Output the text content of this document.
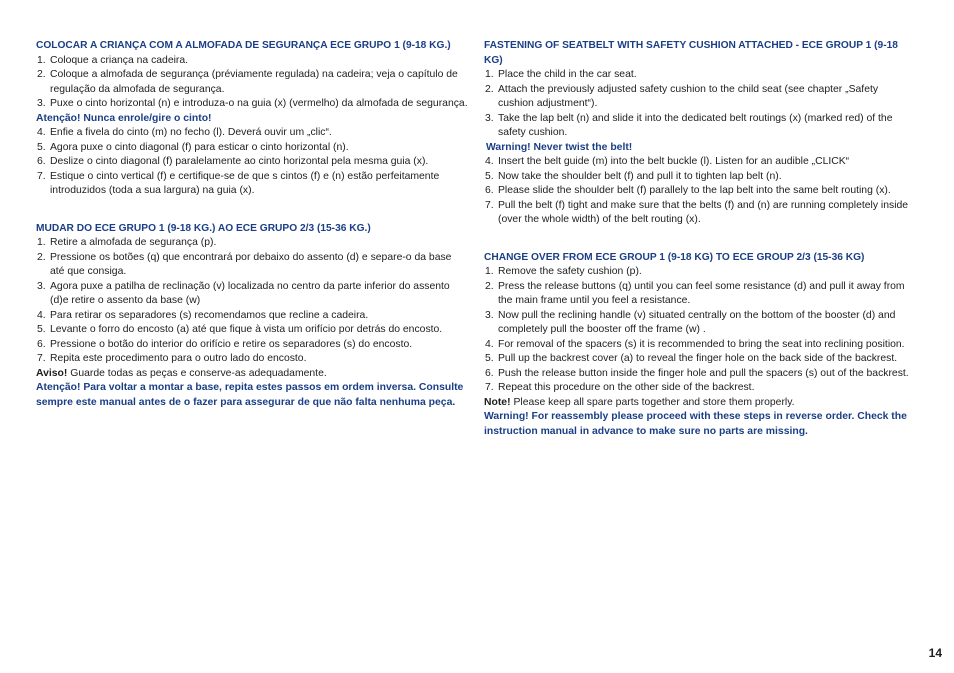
COLOCAR A CRIANÇA COM A ALMOFADA DE SEGURANÇA ECE GRUPO 1 (9-18 KG.)
1. Coloque a criança na cadeira.
2. Coloque a almofada de segurança (préviamente regulada) na cadeira; veja o capítulo de regulação da almofada de segurança.
3. Puxe o cinto horizontal (n) e introduza-o na guia (x) (vermelho) da almofada de segurança.
Atenção! Nunca enrole/gire o cinto!
4. Enfie a fivela do cinto (m) no fecho (l). Deverá ouvir um „clic“.
5. Agora puxe o cinto diagonal (f) para esticar o cinto horizontal (n).
6. Deslize o cinto diagonal (f) paralelamente ao cinto horizontal pela mesma guia (x).
7. Estique o cinto vertical (f) e certifique-se de que s cintos (f) e (n) estão perfeitamente introduzidos (toda a sua largura) na guia (x).
MUDAR DO ECE GRUPO 1 (9-18 KG.) AO ECE GRUPO 2/3 (15-36 KG.)
1. Retire a almofada de segurança (p).
2. Pressione os botões (q) que encontrará por debaixo do assento (d) e separe-o da base até que consiga.
3. Agora puxe a patilha de reclinação (v) localizada no centro da parte inferior do assento (d)e retire o assento da base (w)
4. Para retirar os separadores (s) recomendamos que recline a cadeira.
5. Levante o forro do encosto (a) até que fique à vista um orifício por detrás do encosto.
6. Pressione o botão do interior do orifício e retire os separadores (s) do encosto.
7. Repita este procedimento para o outro lado do encosto.
Aviso! Guarde todas as peças e conserve-as adequadamente.
Atenção! Para voltar a montar a base, repita estes passos em ordem inversa. Consulte sempre este manual antes de o fazer para assegurar de que não falta nenhuma peça.
FASTENING OF SEATBELT WITH SAFETY CUSHION ATTACHED - ECE GROUP 1 (9-18 KG)
1. Place the child in the car seat.
2. Attach the previously adjusted safety cushion to the child seat (see chapter „Safety cushion adjustment“).
3. Take the lap belt (n) and slide it into the dedicated belt routings (x) (marked red) of the safety cushion.
Warning! Never twist the belt!
4. Insert the belt guide (m) into the belt buckle (l). Listen for an audible „CLICK“
5. Now take the shoulder belt (f) and pull it to tighten lap belt (n).
6. Please slide the shoulder belt (f) parallely to the lap belt into the same belt routing (x).
7. Pull the belt (f) tight and make sure that the belts (f) and (n) are running completely inside (over the whole width) of the belt routing (x).
CHANGE OVER FROM ECE GROUP 1 (9-18 KG) TO ECE GROUP 2/3 (15-36 KG)
1. Remove the safety cushion (p).
2. Press the release buttons (q) until you can feel some resistance (d) and pull it away from the main frame until you feel a resistance.
3. Now pull the reclining handle (v) situated centrally on the bottom of the booster (d) and completely pull the booster off the frame (w) .
4. For removal of the spacers (s) it is recommended to bring the seat into reclining position.
5. Pull up the backrest cover (a) to reveal the finger hole on the back side of the backrest.
6. Push the release button inside the finger hole and pull the spacers (s) out of the backrest.
7. Repeat this procedure on the other side of the backrest.
Note! Please keep all spare parts together and store them properly.
Warning! For reassembly please proceed with these steps in reverse order. Check the instruction manual in advance to make sure no parts are missing.
14
